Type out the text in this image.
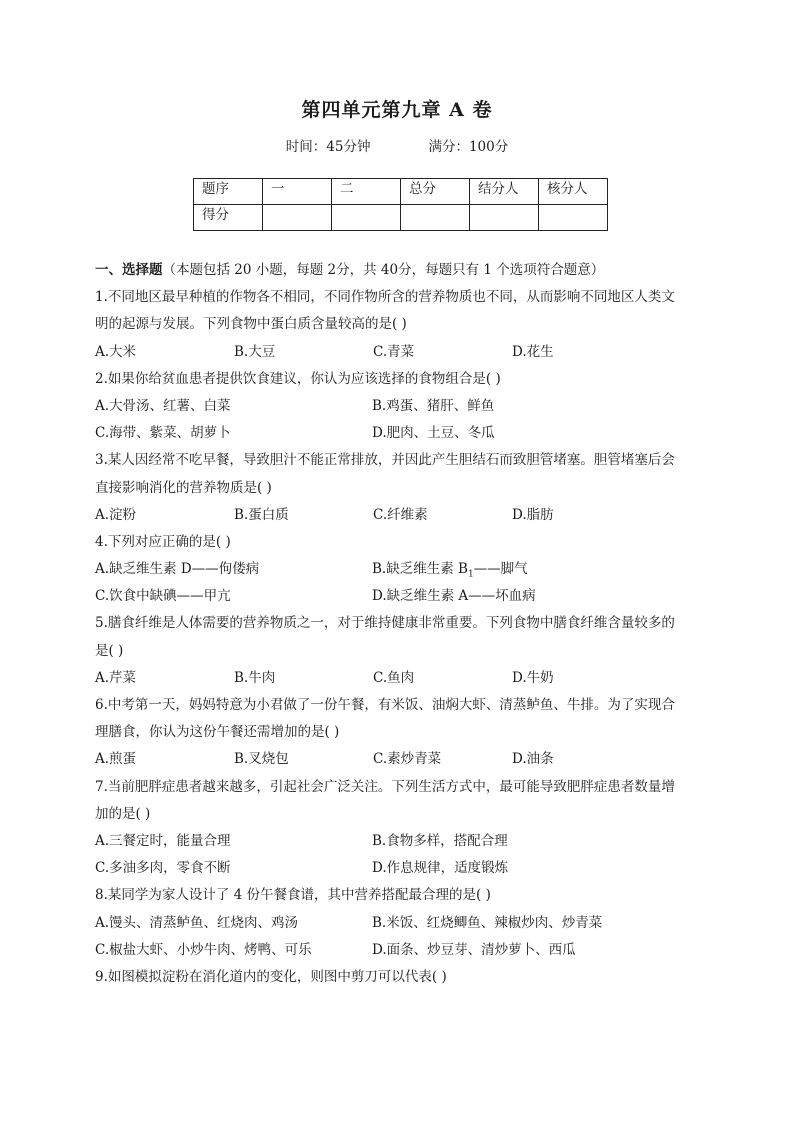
第四单元第九章 A 卷
时间：45分钟	满分：100分
题序	一	二	总分	结分人	核分人
得分					
一、选择题（本题包括 20 小题，每题 2分，共 40分，每题只有 1 个选项符合题意）
1.不同地区最早种植的作物各不相同，不同作物所含的营养物质也不同，从而影响不同地区人类文
明的起源与发展。下列食物中蛋白质含量较高的是( )
A.大米	B.大豆	C.青菜	D.花生
2.如果你给贫血患者提供饮食建议，你认为应该选择的食物组合是( )
A.大骨汤、红薯、白菜	B.鸡蛋、猪肝、鲜鱼
C.海带、紫菜、胡萝卜	D.肥肉、土豆、冬瓜
3.某人因经常不吃早餐，导致胆汁不能正常排放，并因此产生胆结石而致胆管堵塞。胆管堵塞后会
直接影响消化的营养物质是( )
A.淀粉	B.蛋白质	C.纤维素	D.脂肪
4.下列对应正确的是( )
A.缺乏维生素 D——佝偻病	B.缺乏维生素 $B_1——$脚气
C.饮食中缺碘——甲亢	D.缺乏维生素 A——坏血病
5.膳食纤维是人体需要的营养物质之一，对于维持健康非常重要。下列食物中膳食纤维含量较多的
是( )
A.芹菜	B.牛肉	C.鱼肉	D.牛奶
6.中考第一天，妈妈特意为小君做了一份午餐，有米饭、油焖大虾、清蒸鲈鱼、牛排。为了实现合
理膳食，你认为这份午餐还需增加的是( )
A.煎蛋	B.叉烧包	C.素炒青菜	D.油条
7.当前肥胖症患者越来越多，引起社会广泛关注。下列生活方式中，最可能导致肥胖症患者数量增
加的是( )
A.三餐定时，能量合理	B.食物多样，搭配合理
C.多油多肉，零食不断	D.作息规律，适度锻炼
8.某同学为家人设计了 4 份午餐食谱，其中营养搭配最合理的是( )
A.馒头、清蒸鲈鱼、红烧肉、鸡汤	B.米饭、红烧鲫鱼、辣椒炒肉、炒青菜
C.椒盐大虾、小炒牛肉、烤鸭、可乐	D.面条、炒豆芽、清炒萝卜、西瓜
9.如图模拟淀粉在消化道内的变化，则图中剪刀可以代表( )
